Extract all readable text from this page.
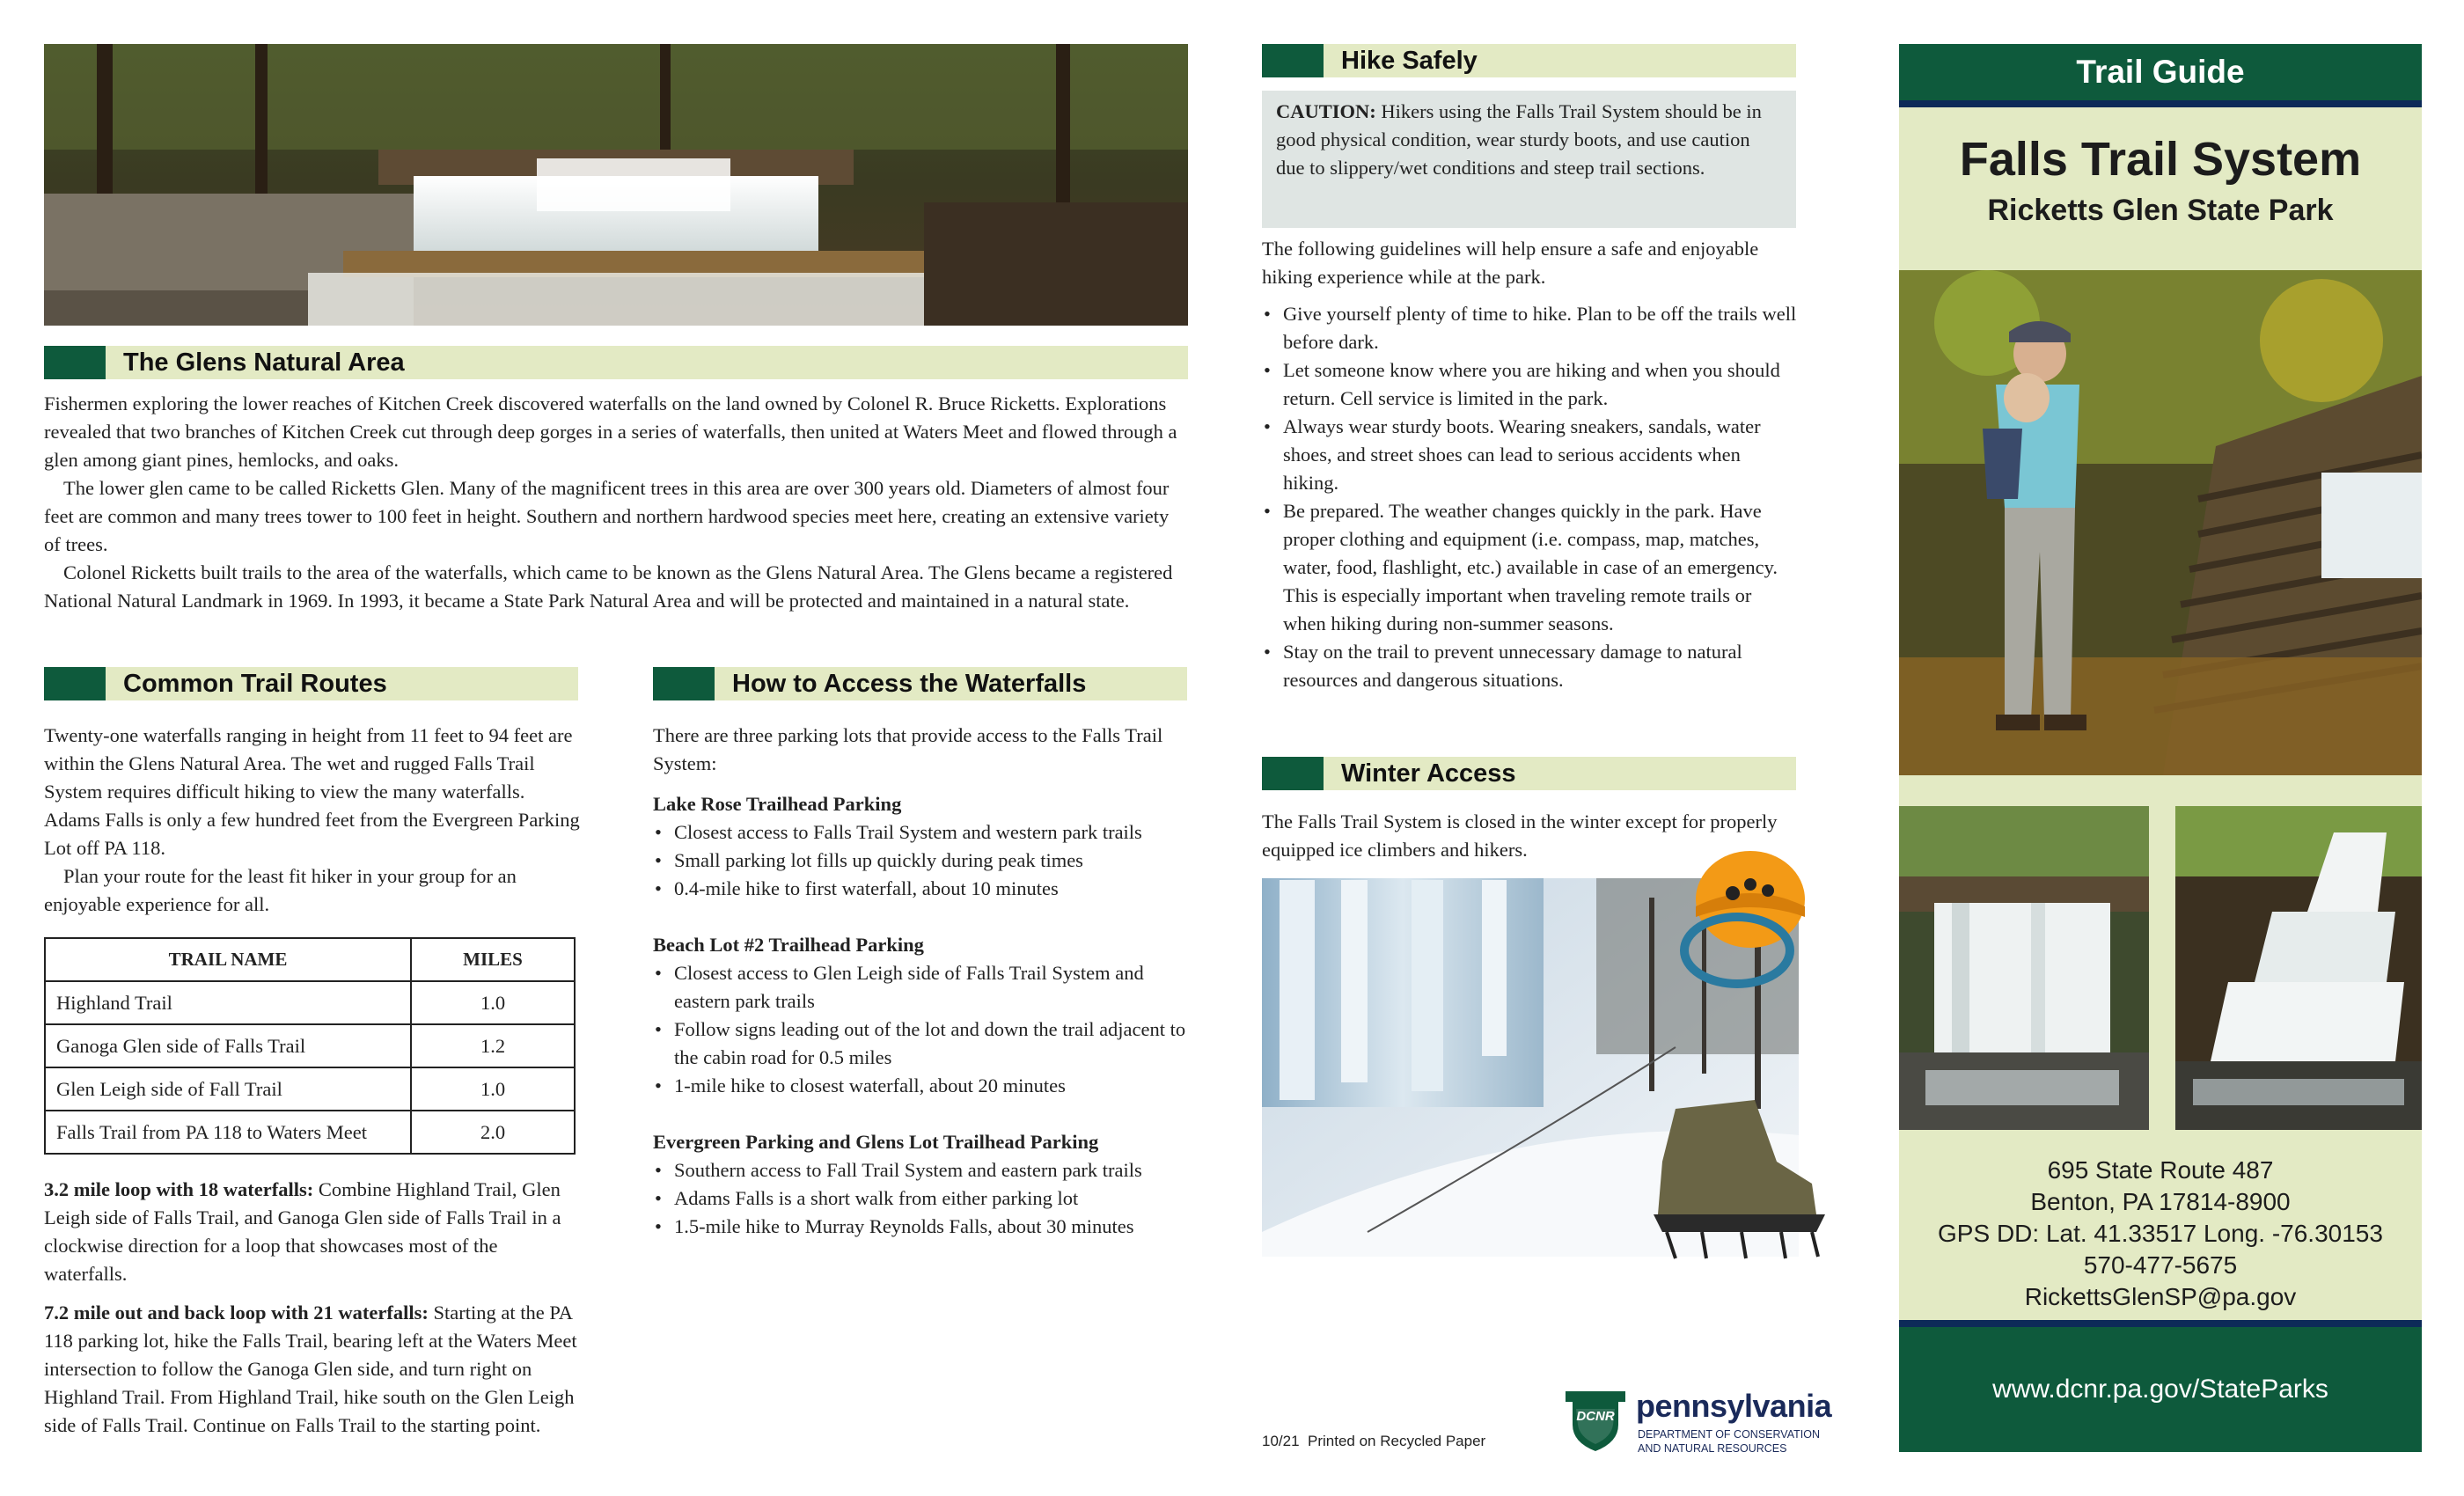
The Glens Natural Area

Fishermen exploring the lower reaches of Kitchen Creek discovered waterfalls on the land owned by Colonel R. Bruce Ricketts. Explorations revealed that two branches of Kitchen Creek cut through deep gorges in a series of waterfalls, then united at Waters Meet and flowed through a glen among giant pines, hemlocks, and oaks.

The lower glen came to be called Ricketts Glen. Many of the magnificent trees in this area are over 300 years old. Diameters of almost four feet are common and many trees tower to 100 feet in height. Southern and northern hardwood species meet here, creating an extensive variety of trees.

Colonel Ricketts built trails to the area of the waterfalls, which came to be known as the Glens Natural Area. The Glens became a registered National Natural Landmark in 1969. In 1993, it became a State Park Natural Area and will be protected and maintained in a natural state.

Common Trail Routes

Twenty-one waterfalls ranging in height from 11 feet to 94 feet are within the Glens Natural Area. The wet and rugged Falls Trail System requires difficult hiking to view the many waterfalls. Adams Falls is only a few hundred feet from the Evergreen Parking Lot off PA 118.

Plan your route for the least fit hiker in your group for an enjoyable experience for all.

TRAIL NAME	MILES
Highland Trail	1.0
Ganoga Glen side of Falls Trail	1.2
Glen Leigh side of Fall Trail	1.0
Falls Trail from PA 118 to Waters Meet	2.0

3.2 mile loop with 18 waterfalls: Combine Highland Trail, Glen Leigh side of Falls Trail, and Ganoga Glen side of Falls Trail in a clockwise direction for a loop that showcases most of the waterfalls.

7.2 mile out and back loop with 21 waterfalls: Starting at the PA 118 parking lot, hike the Falls Trail, bearing left at the Waters Meet intersection to follow the Ganoga Glen side, and turn right on Highland Trail. From Highland Trail, hike south on the Glen Leigh side of Falls Trail. Continue on Falls Trail to the starting point.

How to Access the Waterfalls

There are three parking lots that provide access to the Falls Trail System:

Lake Rose Trailhead Parking
• Closest access to Falls Trail System and western park trails
• Small parking lot fills up quickly during peak times
• 0.4-mile hike to first waterfall, about 10 minutes
Beach Lot #2 Trailhead Parking
• Closest access to Glen Leigh side of Falls Trail System and eastern park trails
• Follow signs leading out of the lot and down the trail adjacent to the cabin road for 0.5 miles
• 1-mile hike to closest waterfall, about 20 minutes
Evergreen Parking and Glens Lot Trailhead Parking
• Southern access to Fall Trail System and eastern park trails
• Adams Falls is a short walk from either parking lot
• 1.5-mile hike to Murray Reynolds Falls, about 30 minutes
Hike Safely

CAUTION: Hikers using the Falls Trail System should be in good physical condition, wear sturdy boots, and use caution due to slippery/wet conditions and steep trail sections.

The following guidelines will help ensure a safe and enjoyable hiking experience while at the park.

• Give yourself plenty of time to hike. Plan to be off the trails well before dark.
• Let someone know where you are hiking and when you should return. Cell service is limited in the park.
• Always wear sturdy boots. Wearing sneakers, sandals, water shoes, and street shoes can lead to serious accidents when hiking.
• Be prepared. The weather changes quickly in the park. Have proper clothing and equipment (i.e. compass, map, matches, water, food, flashlight, etc.) available in case of an emergency. This is especially important when traveling remote trails or when hiking during non-summer seasons.
• Stay on the trail to prevent unnecessary damage to natural resources and dangerous situations.
Winter Access

The Falls Trail System is closed in the winter except for properly equipped ice climbers and hikers.

10/21  Printed on Recycled Paper
DCNR pennsylvania
DEPARTMENT OF CONSERVATION
AND NATURAL RESOURCES
Trail Guide
Falls Trail System
Ricketts Glen State Park
695 State Route 487
Benton, PA 17814-8900
GPS DD: Lat. 41.33517 Long. -76.30153
570-477-5675
RickettsGlenSP@pa.gov
www.dcnr.pa.gov/StateParks
